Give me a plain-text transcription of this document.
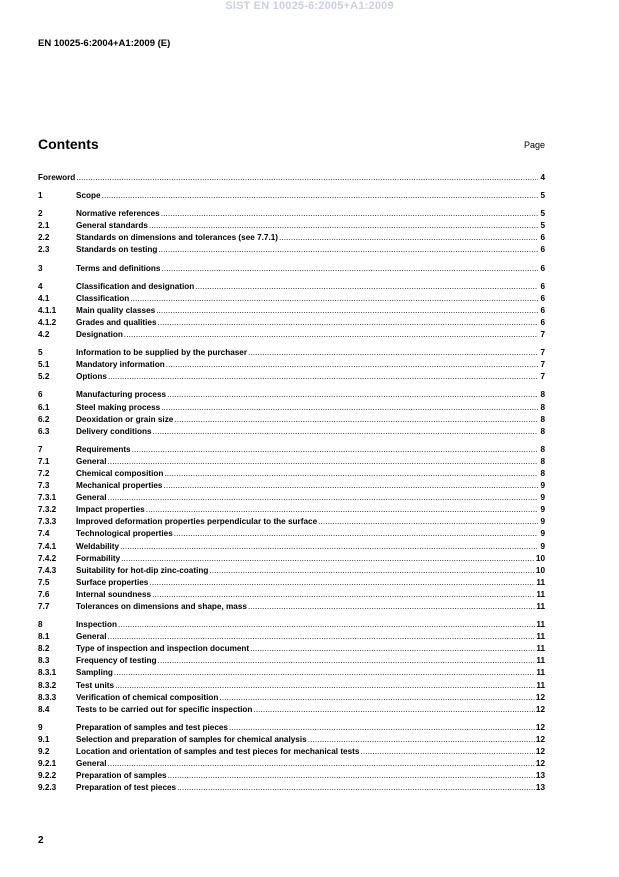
SIST EN 10025-6:2005+A1:2009
EN 10025-6:2004+A1:2009 (E)
Contents	Page
Foreword .....	4
1	Scope .....	5
2	Normative references .....	5
2.1	General standards .....	5
2.2	Standards on dimensions and tolerances (see 7.7.1) .....	6
2.3	Standards on testing .....	6
3	Terms and definitions .....	6
4	Classification and designation .....	6
4.1	Classification .....	6
4.1.1	Main quality classes .....	6
4.1.2	Grades and qualities .....	6
4.2	Designation .....	7
5	Information to be supplied by the purchaser .....	7
5.1	Mandatory information .....	7
5.2	Options .....	7
6	Manufacturing process .....	8
6.1	Steel making process .....	8
6.2	Deoxidation or grain size .....	8
6.3	Delivery conditions .....	8
7	Requirements .....	8
7.1	General .....	8
7.2	Chemical composition .....	8
7.3	Mechanical properties .....	9
7.3.1	General .....	9
7.3.2	Impact properties .....	9
7.3.3	Improved deformation properties perpendicular to the surface .....	9
7.4	Technological properties .....	9
7.4.1	Weldability .....	9
7.4.2	Formability .....	10
7.4.3	Suitability for hot-dip zinc-coating .....	10
7.5	Surface properties .....	11
7.6	Internal soundness .....	11
7.7	Tolerances on dimensions and shape, mass .....	11
8	Inspection .....	11
8.1	General .....	11
8.2	Type of inspection and inspection document .....	11
8.3	Frequency of testing .....	11
8.3.1	Sampling .....	11
8.3.2	Test units .....	11
8.3.3	Verification of chemical composition .....	12
8.4	Tests to be carried out for specific inspection .....	12
9	Preparation of samples and test pieces .....	12
9.1	Selection and preparation of samples for chemical analysis .....	12
9.2	Location and orientation of samples and test pieces for mechanical tests .....	12
9.2.1	General .....	12
9.2.2	Preparation of samples .....	13
9.2.3	Preparation of test pieces .....	13
2
